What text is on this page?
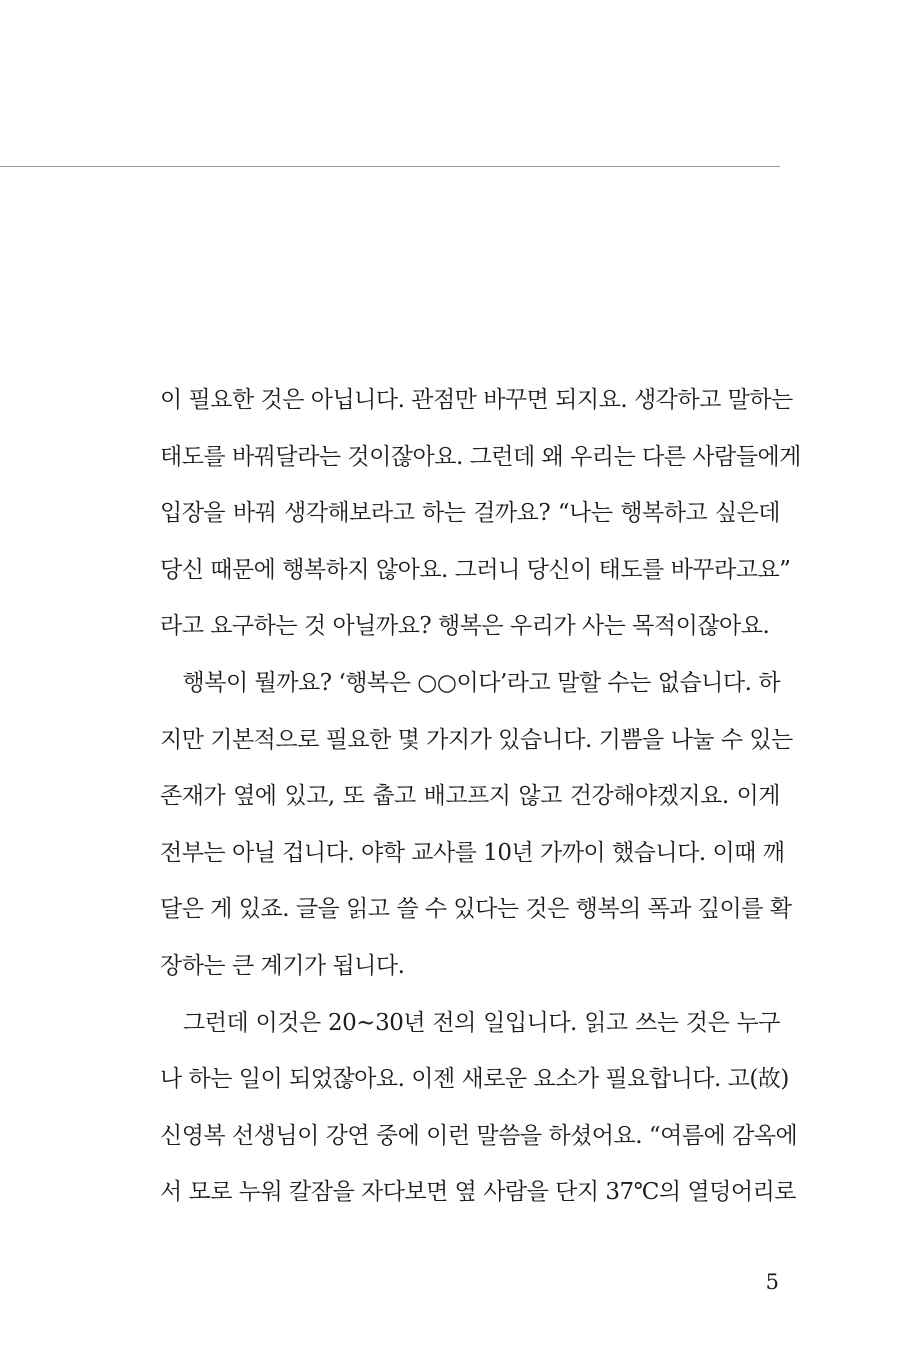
이 필요한 것은 아닙니다. 관점만 바꾸면 되지요. 생각하고 말하는
태도를 바꿔달라는 것이잖아요. 그런데 왜 우리는 다른 사람들에게
입장을 바꿔 생각해보라고 하는 걸까요? “나는 행복하고 싶은데
당신 때문에 행복하지 않아요. 그러니 당신이 태도를 바꾸라고요”
라고 요구하는 것 아닐까요? 행복은 우리가 사는 목적이잖아요.
　행복이 뭘까요? ‘행복은 ○○이다’라고 말할 수는 없습니다. 하
지만 기본적으로 필요한 몇 가지가 있습니다. 기쁨을 나눌 수 있는
존재가 옆에 있고, 또 춥고 배고프지 않고 건강해야겠지요. 이게
전부는 아닐 겁니다. 야학 교사를 10년 가까이 했습니다. 이때 깨
달은 게 있죠. 글을 읽고 쓸 수 있다는 것은 행복의 폭과 깊이를 확
장하는 큰 계기가 됩니다.
　그런데 이것은 20~30년 전의 일입니다. 읽고 쓰는 것은 누구
나 하는 일이 되었잖아요. 이젠 새로운 요소가 필요합니다. 고(故)
신영복 선생님이 강연 중에 이런 말씀을 하셨어요. “여름에 감옥에
서 모로 누워 칼잠을 자다보면 옆 사람을 단지 37℃의 열덩어리로
5
